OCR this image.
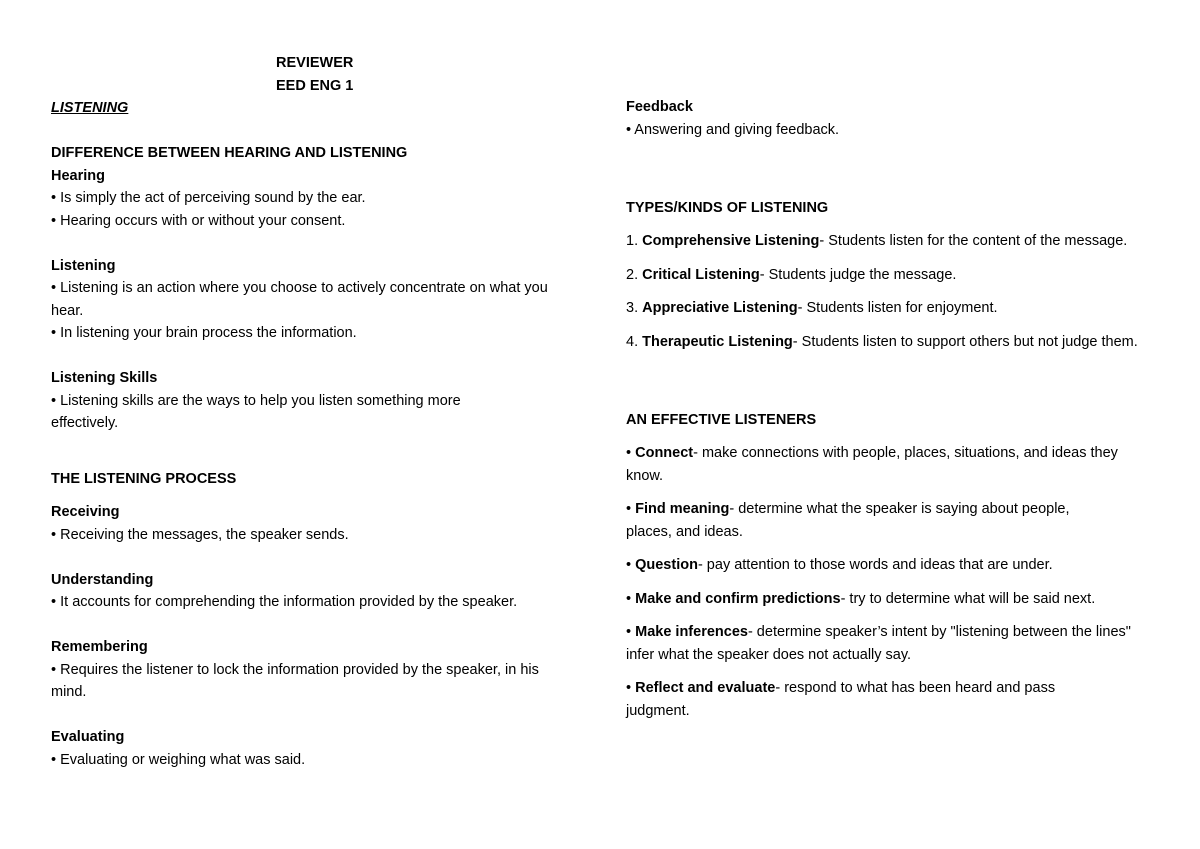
REVIEWER
EED ENG 1
LISTENING
DIFFERENCE BETWEEN HEARING AND LISTENING
Hearing
• Is simply the act of perceiving sound by the ear.
• Hearing occurs with or without your consent.
Listening
• Listening is an action where you choose to actively concentrate on what you hear.
• In listening your brain process the information.
Listening Skills
• Listening skills are the ways to help you listen something more effectively.
THE LISTENING PROCESS
Receiving
• Receiving the messages, the speaker sends.
Understanding
• It accounts for comprehending the information provided by the speaker.
Remembering
• Requires the listener to lock the information provided by the speaker, in his mind.
Evaluating
• Evaluating or weighing what was said.
Feedback
• Answering and giving feedback.
TYPES/KINDS OF LISTENING
1. Comprehensive Listening- Students listen for the content of the message.
2. Critical Listening- Students judge the message.
3. Appreciative Listening- Students listen for enjoyment.
4. Therapeutic Listening- Students listen to support others but not judge them.
AN EFFECTIVE LISTENERS
• Connect- make connections with people, places, situations, and ideas they know.
• Find meaning- determine what the speaker is saying about people, places, and ideas.
• Question- pay attention to those words and ideas that are under.
• Make and confirm predictions- try to determine what will be said next.
• Make inferences- determine speaker’s intent by "listening between the lines" infer what the speaker does not actually say.
• Reflect and evaluate- respond to what has been heard and pass judgment.
